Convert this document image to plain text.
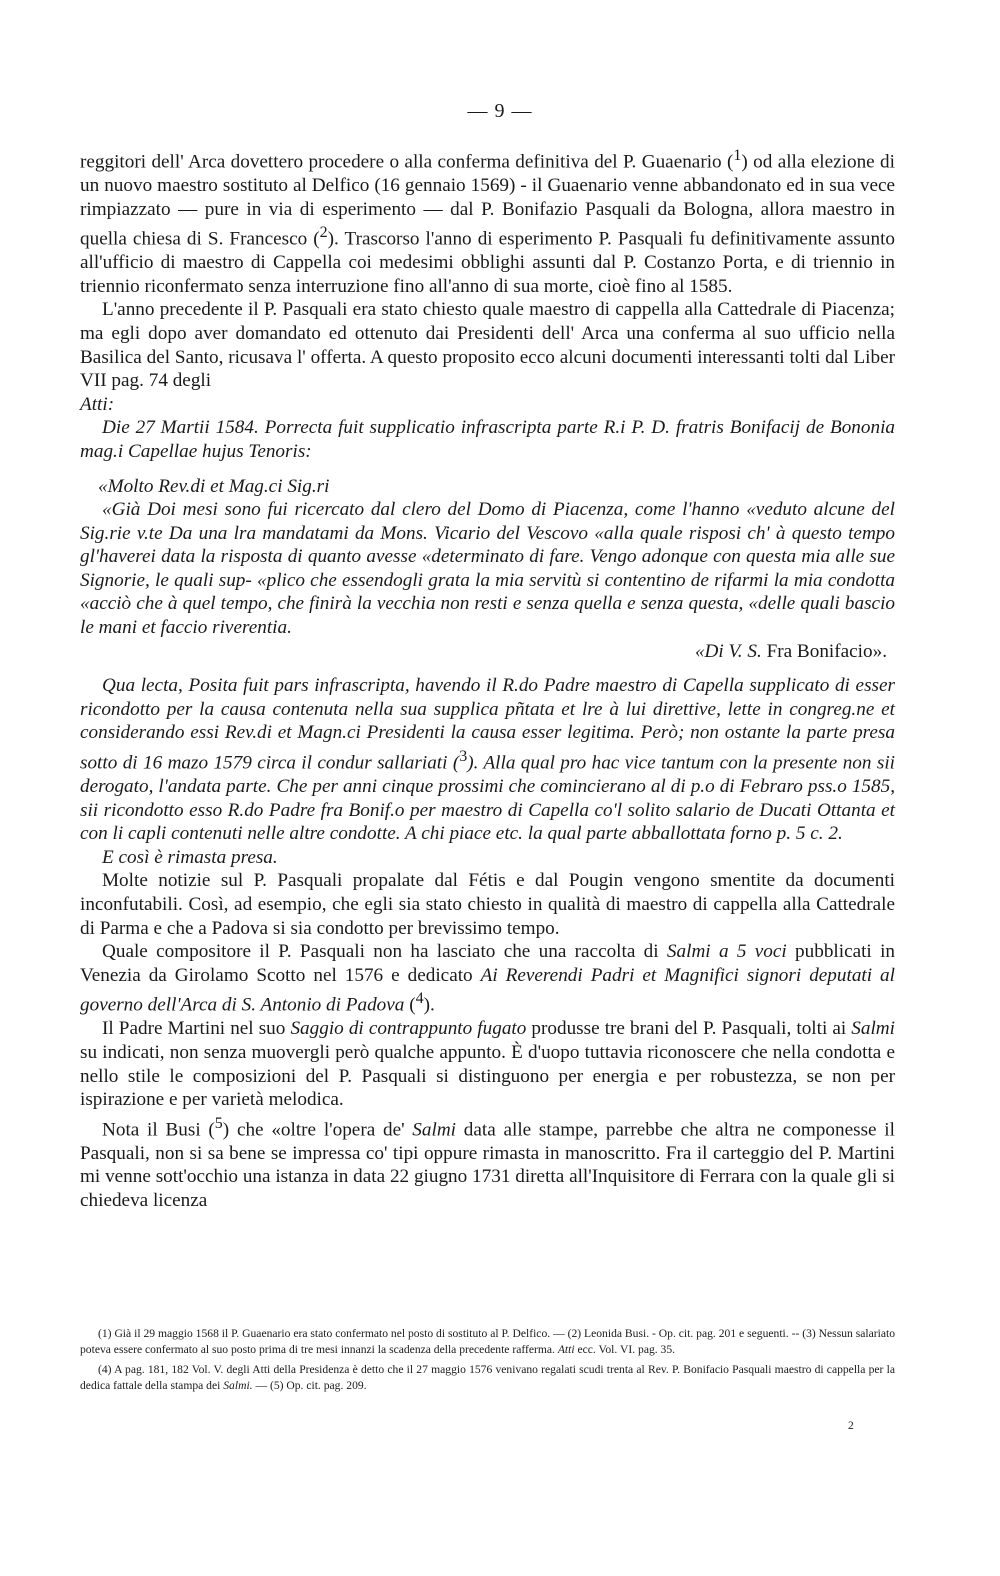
— 9 —

reggitori dell' Arca dovettero procedere o alla conferma definitiva del P. Guaenario ($^1$) od alla elezione di un nuovo maestro sostituto al Delfico (16 gennaio 1569) - il Guaenario venne abbandonato ed in sua vece rimpiazzato — pure in via di esperimento — dal P. Bonifazio Pasquali da Bologna, allora maestro in quella chiesa di S. Francesco ($^2$). Trascorso l'anno di esperimento P. Pasquali fu definitivamente assunto all'ufficio di maestro di Cappella coi medesimi obblighi assunti dal P. Costanzo Porta, e di triennio in triennio riconfermato senza interruzione fino all'anno di sua morte, cioè fino al 1585.

L'anno precedente il P. Pasquali era stato chiesto quale maestro di cappella alla Cattedrale di Piacenza; ma egli dopo aver domandato ed ottenuto dai Presidenti dell' Arca una conferma al suo ufficio nella Basilica del Santo, ricusava l' offerta. A questo proposito ecco alcuni documenti interessanti tolti dal Liber VII pag. 74 degli
Atti:

Die 27 Martii 1584. Porrecta fuit supplicatio infrascripta parte R.i P. D. fratris Bonifacij de Bononia mag.i Capellae hujus Tenoris:

«Molto Rev.di et Mag.ci Sig.ri

«Già Doi mesi sono fui ricercato dal clero del Domo di Piacenza, come l'hanno «veduto alcune del Sig.rie v.te Da una lra mandatami da Mons. Vicario del Vescovo «alla quale risposi ch' à questo tempo gl'haverei data la risposta di quanto avesse «determinato di fare. Vengo adonque con questa mia alle sue Signorie, le quali sup- «plico che essendogli grata la mia servitù si contentino de rifarmi la mia condotta «acciò che à quel tempo, che finirà la vecchia non resti e senza quella e senza questa, «delle quali bascio le mani et faccio riverentia.

«Di V. S. Fra Bonifacio».

Qua lecta, Posita fuit pars infrascripta, havendo il R.do Padre maestro di Capella supplicato di esser ricondotto per la causa contenuta nella sua supplica pñtata et lre à lui direttive, lette in congreg.ne et considerando essi Rev.di et Magn.ci Presidenti la causa esser legitima. Però; non ostante la parte presa sotto di 16 mazo 1579 circa il condur sallariati ($^3$). Alla qual pro hac vice tantum con la presente non sii derogato, l'andata parte. Che per anni cinque prossimi che comincierano al di p.o di Febraro pss.o 1585, sii ricondotto esso R.do Padre fra Bonif.o per maestro di Capella co'l solito salario de Ducati Ottanta et con li capli contenuti nelle altre condotte. A chi piace etc. la qual parte abballottata forno p. 5 c. 2.

E così è rimasta presa.

Molte notizie sul P. Pasquali propalate dal Fétis e dal Pougin vengono smentite da documenti inconfutabili. Così, ad esempio, che egli sia stato chiesto in qualità di maestro di cappella alla Cattedrale di Parma e che a Padova si sia condotto per brevissimo tempo.

Quale compositore il P. Pasquali non ha lasciato che una raccolta di Salmi a 5 voci pubblicati in Venezia da Girolamo Scotto nel 1576 e dedicato Ai Reverendi Padri et Magnifici signori deputati al governo dell'Arca di S. Antonio di Padova ($^4$).

Il Padre Martini nel suo Saggio di contrappunto fugato produsse tre brani del P. Pasquali, tolti ai Salmi su indicati, non senza muovergli però qualche appunto. È d'uopo tuttavia riconoscere che nella condotta e nello stile le composizioni del P. Pasquali si distinguono per energia e per robustezza, se non per ispirazione e per varietà melodica.

Nota il Busi ($^5$) che «oltre l'opera de' Salmi data alle stampe, parrebbe che altra ne componesse il Pasquali, non si sa bene se impressa co' tipi oppure rimasta in manoscritto. Fra il carteggio del P. Martini mi venne sott'occhio una istanza in data 22 giugno 1731 diretta all'Inquisitore di Ferrara con la quale gli si chiedeva licenza

(1) Già il 29 maggio 1568 il P. Guaenario era stato confermato nel posto di sostituto al P. Delfico. — (2) Leonida Busi. - Op. cit. pag. 201 e seguenti. -- (3) Nessun salariato poteva essere confermato al suo posto prima di tre mesi innanzi la scadenza della precedente rafferma. Atti ecc. Vol. VI. pag. 35.

(4) A pag. 181, 182 Vol. V. degli Atti della Presidenza è detto che il 27 maggio 1576 venivano regalati scudi trenta al Rev. P. Bonifacio Pasquali maestro di cappella per la dedica fattale della stampa dei Salmi. — (5) Op. cit. pag. 209.

2
